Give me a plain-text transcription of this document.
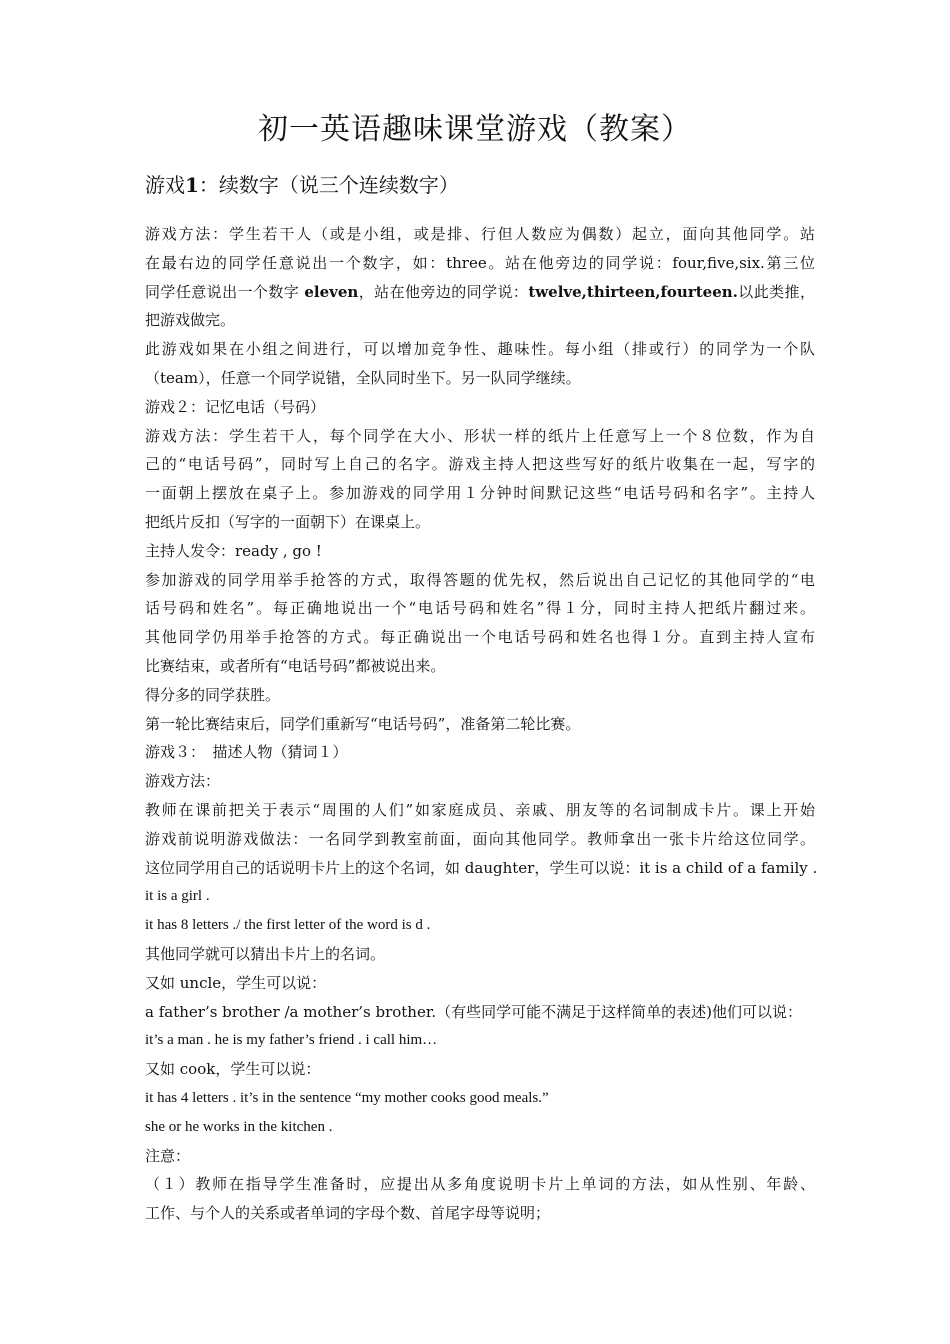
初一英语趣味课堂游戏（教案）
游戏1：续数字（说三个连续数字）
游戏方法：学生若干人（或是小组，或是排、行但人数应为偶数）起立，面向其他同学。站
在最右边的同学任意说出一个数字，如：three。站在他旁边的同学说：four,five,six.第三位
同学任意说出一个数字 eleven，站在他旁边的同学说：twelve,thirteen,fourteen.以此类推，
把游戏做完。
此游戏如果在小组之间进行，可以增加竞争性、趣味性。每小组（排或行）的同学为一个队
（team），任意一个同学说错，全队同时坐下。另一队同学继续。
游戏２：记忆电话（号码）
游戏方法：学生若干人，每个同学在大小、形状一样的纸片上任意写上一个８位数，作为自
己的“电话号码”，同时写上自己的名字。游戏主持人把这些写好的纸片收集在一起，写字的
一面朝上摆放在桌子上。参加游戏的同学用１分钟时间默记这些“电话号码和名字”。主持人
把纸片反扣（写字的一面朝下）在课桌上。
主持人发令：ready , go !
参加游戏的同学用举手抢答的方式，取得答题的优先权，然后说出自己记忆的其他同学的“电
话号码和姓名”。每正确地说出一个“电话号码和姓名”得１分，同时主持人把纸片翻过来。
其他同学仍用举手抢答的方式。每正确说出一个电话号码和姓名也得１分。直到主持人宣布
比赛结束，或者所有“电话号码”都被说出来。
得分多的同学获胜。
第一轮比赛结束后，同学们重新写“电话号码”，准备第二轮比赛。
游戏３：　描述人物（猜词１）
游戏方法：
教师在课前把关于表示“周围的人们”如家庭成员、亲戚、朋友等的名词制成卡片。课上开始
游戏前说明游戏做法：一名同学到教室前面，面向其他同学。教师拿出一张卡片给这位同学。
这位同学用自己的话说明卡片上的这个名词，如 daughter，学生可以说：it is a child of a family .
it is a girl .
it has 8 letters ./ the first letter of the word is d .
其他同学就可以猜出卡片上的名词。
又如 uncle，学生可以说：
a father’s brother /a mother’s brother.（有些同学可能不满足于这样简单的表述)他们可以说：
it’s a man . he is my father’s friend . i call him…
又如 cook，学生可以说：
it has 4 letters . it’s in the sentence “my mother cooks good meals.”
she or he works in the kitchen .
注意：
（１）教师在指导学生准备时，应提出从多角度说明卡片上单词的方法，如从性别、年龄、
工作、与个人的关系或者单词的字母个数、首尾字母等说明；
